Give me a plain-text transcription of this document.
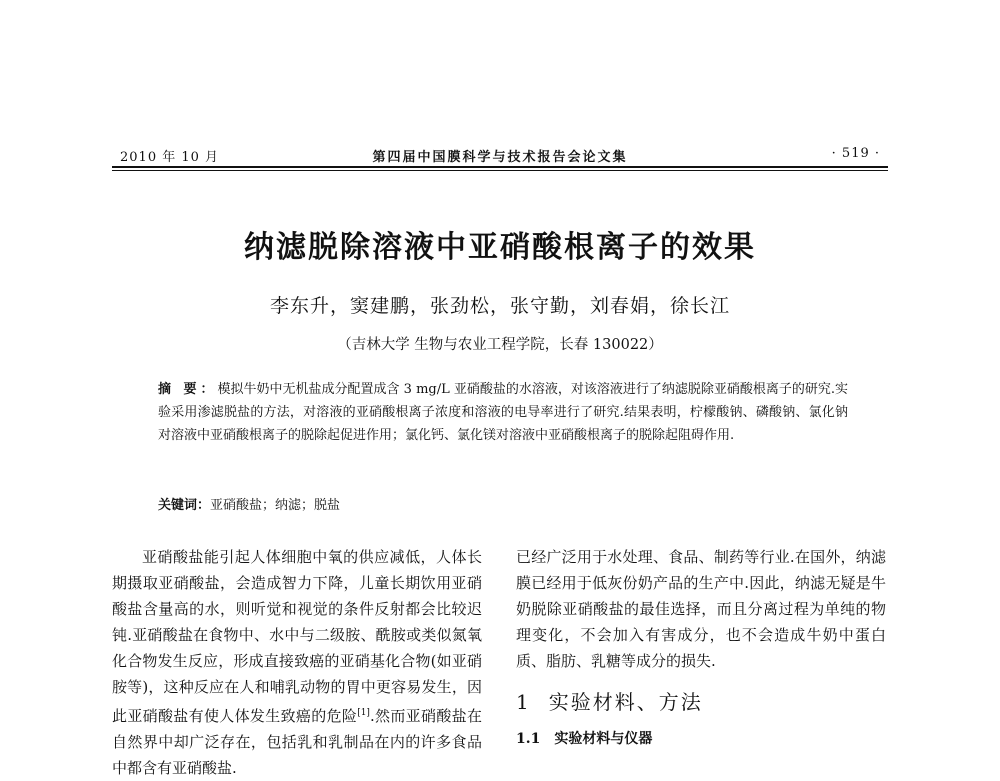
2010 年 10 月	第四届中国膜科学与技术报告会论文集	· 519 ·
纳滤脱除溶液中亚硝酸根离子的效果
李东升，窦建鹏，张劲松，张守勤，刘春娟，徐长江
（吉林大学 生物与农业工程学院，长春 130022）
摘 要：模拟牛奶中无机盐成分配置成含 3 mg/L 亚硝酸盐的水溶液，对该溶液进行了纳滤脱除亚硝酸根离子的研究.实验采用渗滤脱盐的方法，对溶液的亚硝酸根离子浓度和溶液的电导率进行了研究.结果表明，柠檬酸钠、磷酸钠、氯化钠对溶液中亚硝酸根离子的脱除起促进作用；氯化钙、氯化镁对溶液中亚硝酸根离子的脱除起阻碍作用.
关键词：亚硝酸盐；纳滤；脱盐

亚硝酸盐能引起人体细胞中氧的供应减低，人体长期摄取亚硝酸盐，会造成智力下降，儿童长期饮用亚硝酸盐含量高的水，则听觉和视觉的条件反射都会比较迟钝.亚硝酸盐在食物中、水中与二级胺、酰胺或类似氮氧化合物发生反应，形成直接致癌的亚硝基化合物(如亚硝胺等)，这种反应在人和哺乳动物的胃中更容易发生，因此亚硝酸盐有使人体发生致癌的危险[1].然而亚硝酸盐在自然界中却广泛存在，包括乳和乳制品在内的许多食品中都含有亚硝酸盐.

已经广泛用于水处理、食品、制药等行业.在国外，纳滤膜已经用于低灰份奶产品的生产中.因此，纳滤无疑是牛奶脱除亚硝酸盐的最佳选择，而且分离过程为单纯的物理变化，不会加入有害成分，也不会造成牛奶中蛋白质、脂肪、乳糖等成分的损失.

1 实验材料、方法
1.1 实验材料与仪器
